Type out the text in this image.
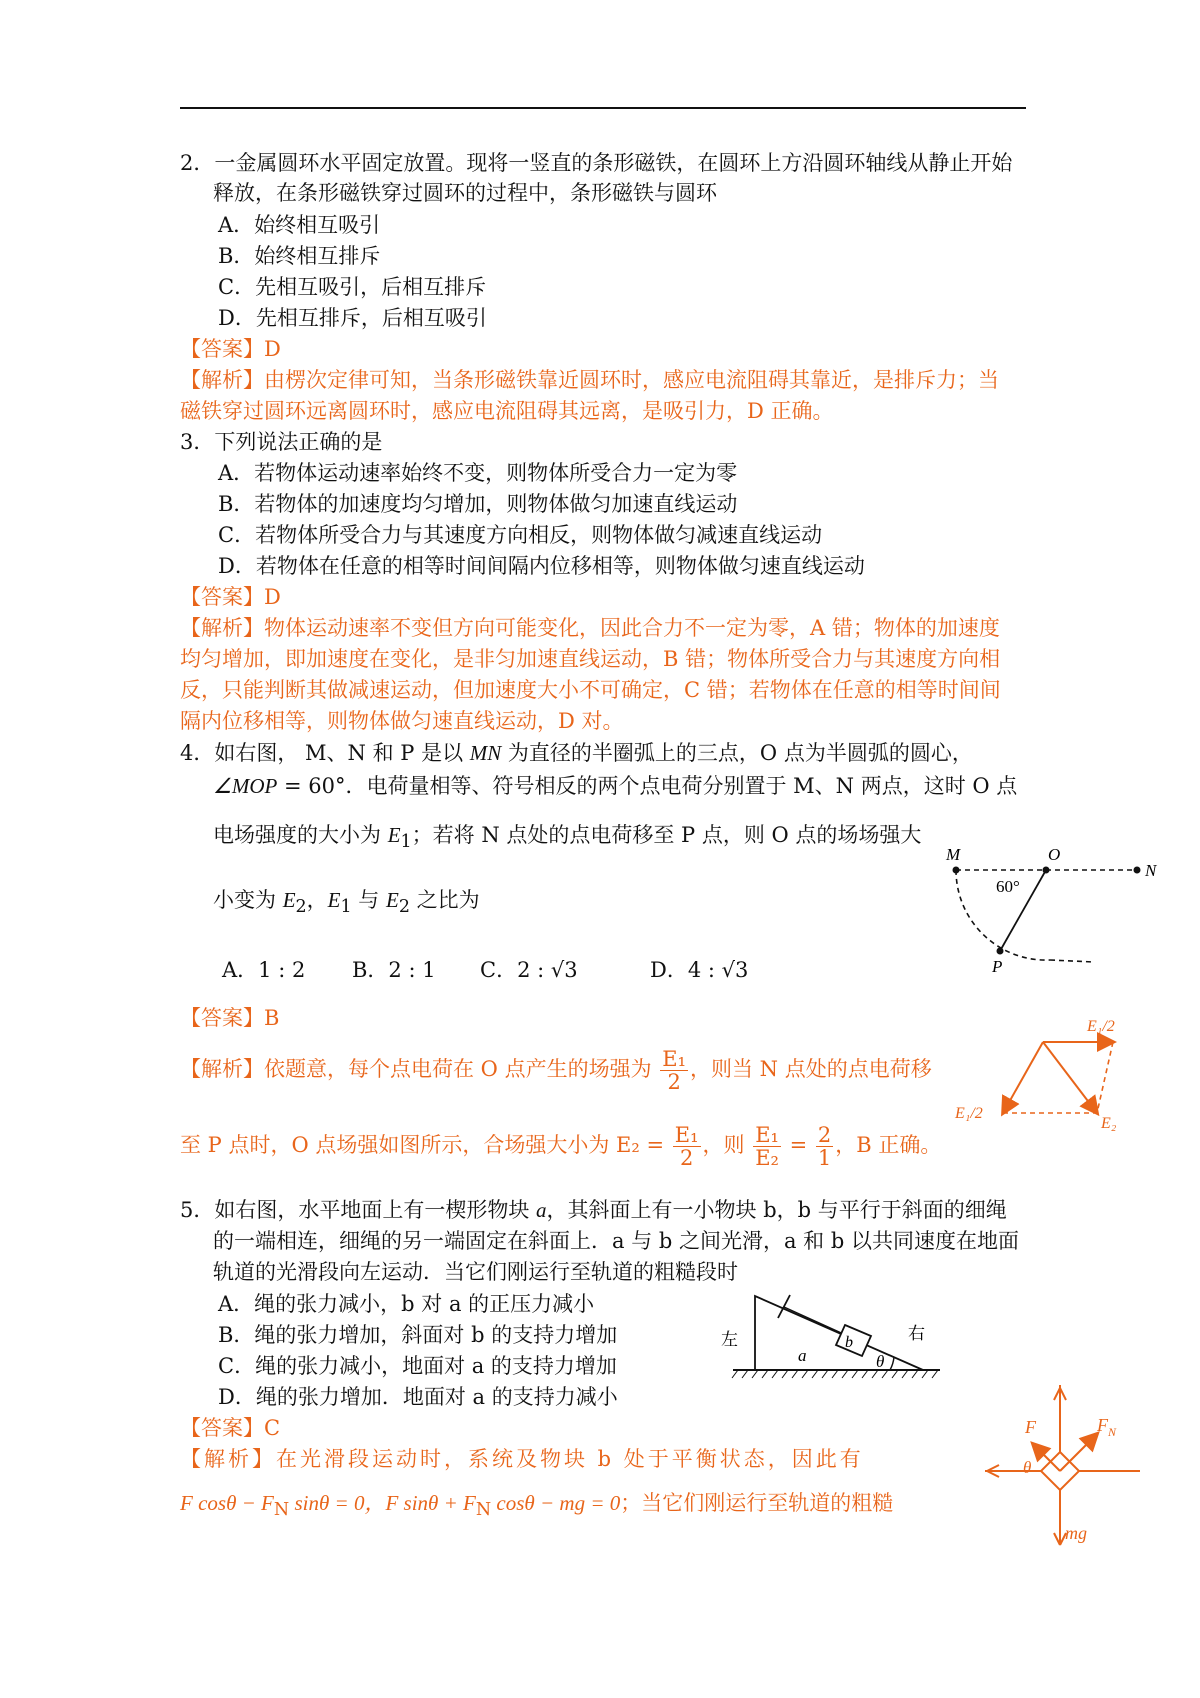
2．一金属圆环水平固定放置。现将一竖直的条形磁铁，在圆环上方沿圆环轴线从静止开始
释放，在条形磁铁穿过圆环的过程中，条形磁铁与圆环
A．始终相互吸引
B．始终相互排斥
C．先相互吸引，后相互排斥
D．先相互排斥，后相互吸引
【答案】D
【解析】由楞次定律可知，当条形磁铁靠近圆环时，感应电流阻碍其靠近，是排斥力；当
磁铁穿过圆环远离圆环时，感应电流阻碍其远离，是吸引力，D 正确。
3．下列说法正确的是
A．若物体运动速率始终不变，则物体所受合力一定为零
B．若物体的加速度均匀增加，则物体做匀加速直线运动
C．若物体所受合力与其速度方向相反，则物体做匀减速直线运动
D．若物体在任意的相等时间间隔内位移相等，则物体做匀速直线运动
【答案】D
【解析】物体运动速率不变但方向可能变化，因此合力不一定为零，A 错；物体的加速度
均匀增加，即加速度在变化，是非匀加速直线运动，B 错；物体所受合力与其速度方向相
反，只能判断其做减速运动，但加速度大小不可确定，C 错；若物体在任意的相等时间间
隔内位移相等，则物体做匀速直线运动，D 对。
4．如右图， M、N 和 P 是以 MN 为直径的半圈弧上的三点，O 点为半圆弧的圆心，
∠MOP = 60°．电荷量相等、符号相反的两个点电荷分别置于 M、N 两点，这时 O 点
电场强度的大小为 $E_1$；若将 N 点处的点电荷移至 P 点，则 O 点的场场强大
小变为 $E_2$，$E_1$ 与 $E_2$ 之比为
A．1 : 2 B．2 : 1 C．2 : √3	D．4 : √3
【答案】B
【解析】依题意，每个点电荷在 O 点产生的场强为 $\frac{\text{E₁}}{2}$ ，则当 N 点处的点电荷移
至 P 点时，O 点场强如图所示，合场强大小为 $E_2 = \frac{\text{E₁}}{2}$ ，则 $\frac{\text{E₁}}{\text{E₂}} = \frac{2}{1}$ ，B 正确。
M	O
N
P
60°
E₁/2
E₁/2
E₂
5．如右图，水平地面上有一楔形物块 a，其斜面上有一小物块 b，b 与平行于斜面的细绳
的一端相连，细绳的另一端固定在斜面上．a 与 b 之间光滑，a 和 b 以共同速度在地面
轨道的光滑段向左运动．当它们刚运行至轨道的粗糙段时
A．绳的张力减小，b 对 a 的正压力减小
B．绳的张力增加，斜面对 b 的支持力增加
C．绳的张力减小，地面对 a 的支持力增加
D．绳的张力增加．地面对 a 的支持力减小
【答案】C
【解析】在光滑段运动时，系统及物块 b 处于平衡状态，因此有
F $\cos\theta - F_N$ sinθ = 0，F $\sin\theta + F_N$ cosθ − mg = 0；当它们刚运行至轨道的粗糙
b
a	θ
左	右
F	$F_N$
θ
mg
